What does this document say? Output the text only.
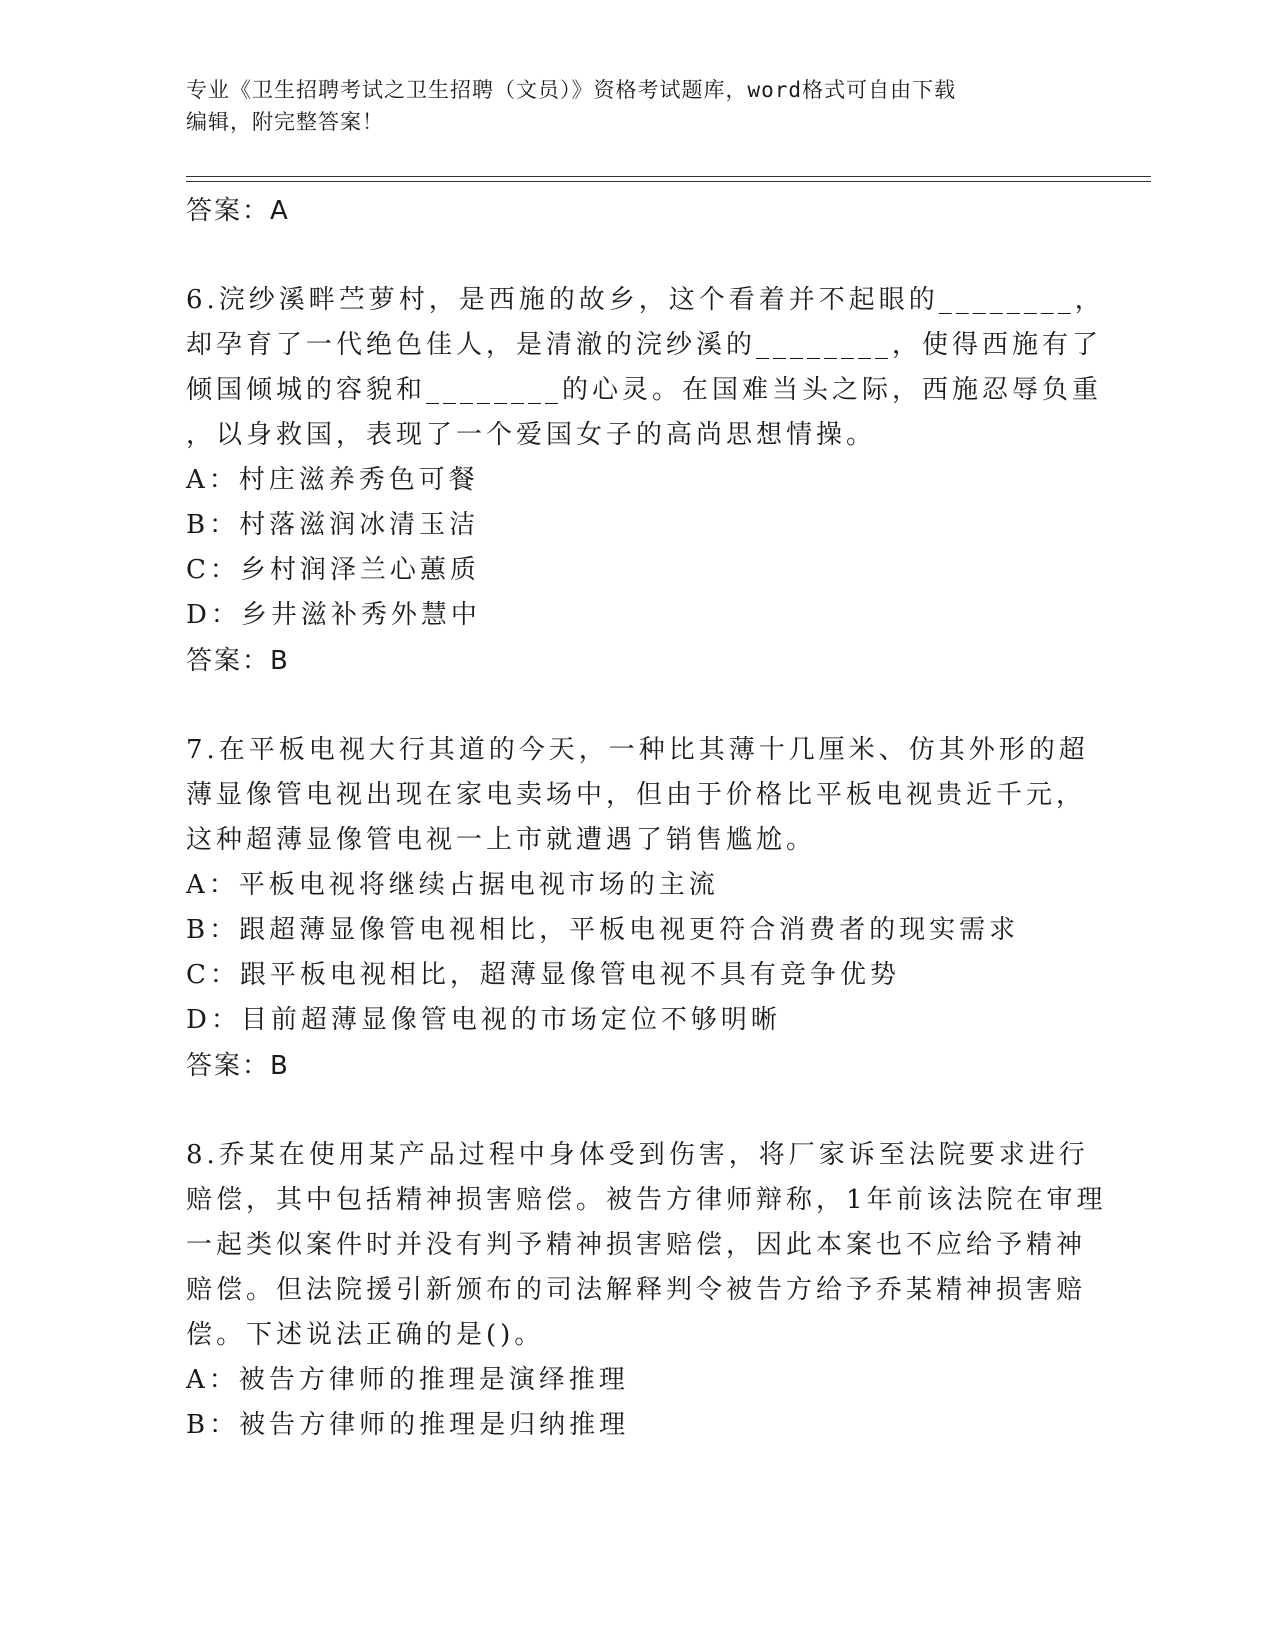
专业《卫生招聘考试之卫生招聘（文员）》资格考试题库，word格式可自由下载
编辑，附完整答案！
答案：A
6.浣纱溪畔苎萝村，是西施的故乡，这个看着并不起眼的________，
却孕育了一代绝色佳人，是清澈的浣纱溪的________，使得西施有了
倾国倾城的容貌和________的心灵。在国难当头之际，西施忍辱负重
，以身救国，表现了一个爱国女子的高尚思想情操。
A：村庄滋养秀色可餐
B：村落滋润冰清玉洁
C：乡村润泽兰心蕙质
D：乡井滋补秀外慧中
答案：B
7.在平板电视大行其道的今天，一种比其薄十几厘米、仿其外形的超
薄显像管电视出现在家电卖场中，但由于价格比平板电视贵近千元，
这种超薄显像管电视一上市就遭遇了销售尴尬。
A：平板电视将继续占据电视市场的主流
B：跟超薄显像管电视相比，平板电视更符合消费者的现实需求
C：跟平板电视相比，超薄显像管电视不具有竞争优势
D：目前超薄显像管电视的市场定位不够明晰
答案：B
8.乔某在使用某产品过程中身体受到伤害，将厂家诉至法院要求进行
赔偿，其中包括精神损害赔偿。被告方律师辩称，1年前该法院在审理
一起类似案件时并没有判予精神损害赔偿，因此本案也不应给予精神
赔偿。但法院援引新颁布的司法解释判令被告方给予乔某精神损害赔
偿。下述说法正确的是()。
A：被告方律师的推理是演绎推理
B：被告方律师的推理是归纳推理
